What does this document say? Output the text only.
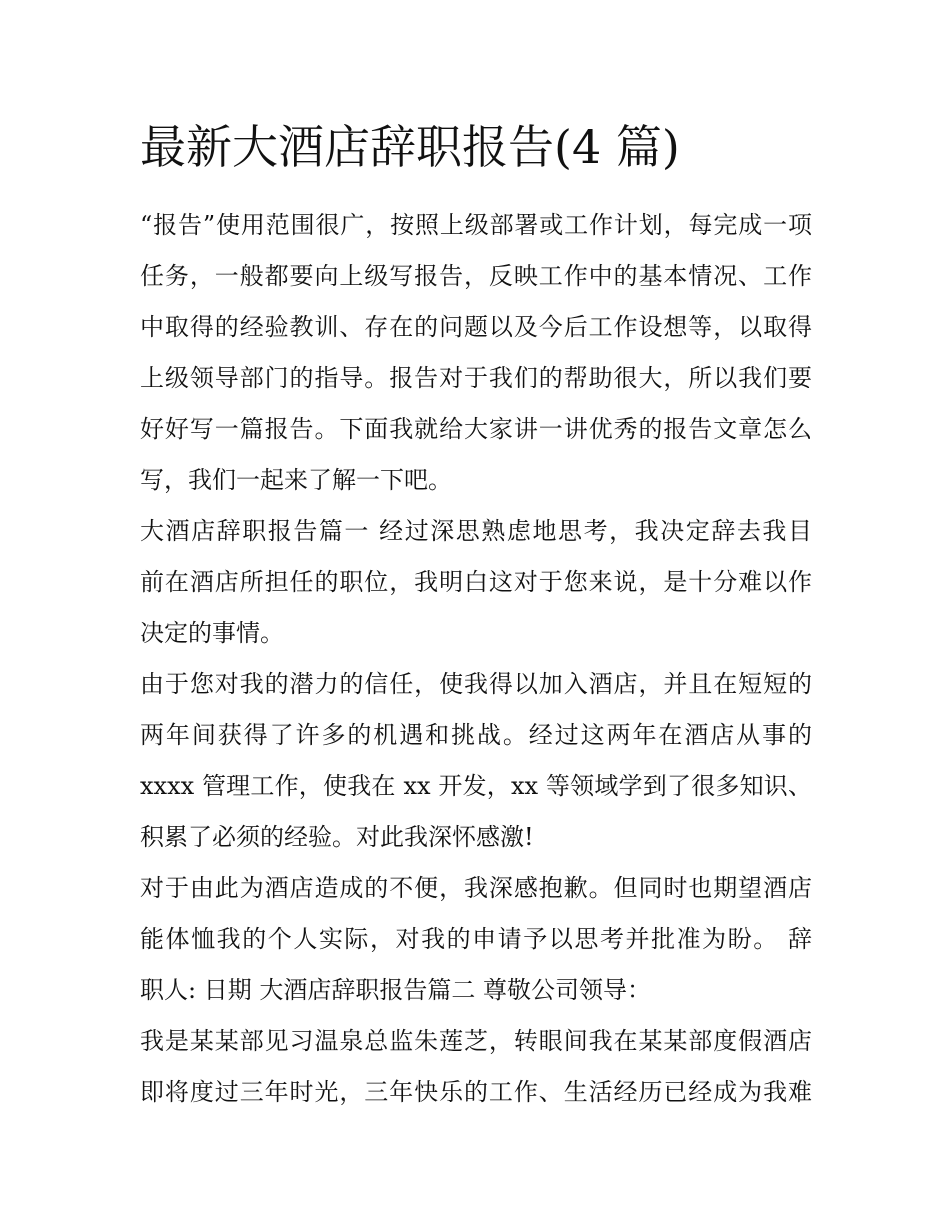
最新大酒店辞职报告(4 篇)
“报告”使用范围很广，按照上级部署或工作计划，每完成一项
任务，一般都要向上级写报告，反映工作中的基本情况、工作
中取得的经验教训、存在的问题以及今后工作设想等，以取得
上级领导部门的指导。报告对于我们的帮助很大，所以我们要
好好写一篇报告。下面我就给大家讲一讲优秀的报告文章怎么
写，我们一起来了解一下吧。
大酒店辞职报告篇一 经过深思熟虑地思考，我决定辞去我目
前在酒店所担任的职位，我明白这对于您来说，是十分难以作
决定的事情。
由于您对我的潜力的信任，使我得以加入酒店，并且在短短的
两年间获得了许多的机遇和挑战。经过这两年在酒店从事的
xxxx 管理工作，使我在 xx 开发，xx 等领域学到了很多知识、
积累了必须的经验。对此我深怀感激!
对于由此为酒店造成的不便，我深感抱歉。但同时也期望酒店
能体恤我的个人实际，对我的申请予以思考并批准为盼。 辞
职人: 日期 大酒店辞职报告篇二 尊敬公司领导：
我是某某部见习温泉总监朱莲芝，转眼间我在某某部度假酒店
即将度过三年时光，三年快乐的工作、生活经历已经成为我难
